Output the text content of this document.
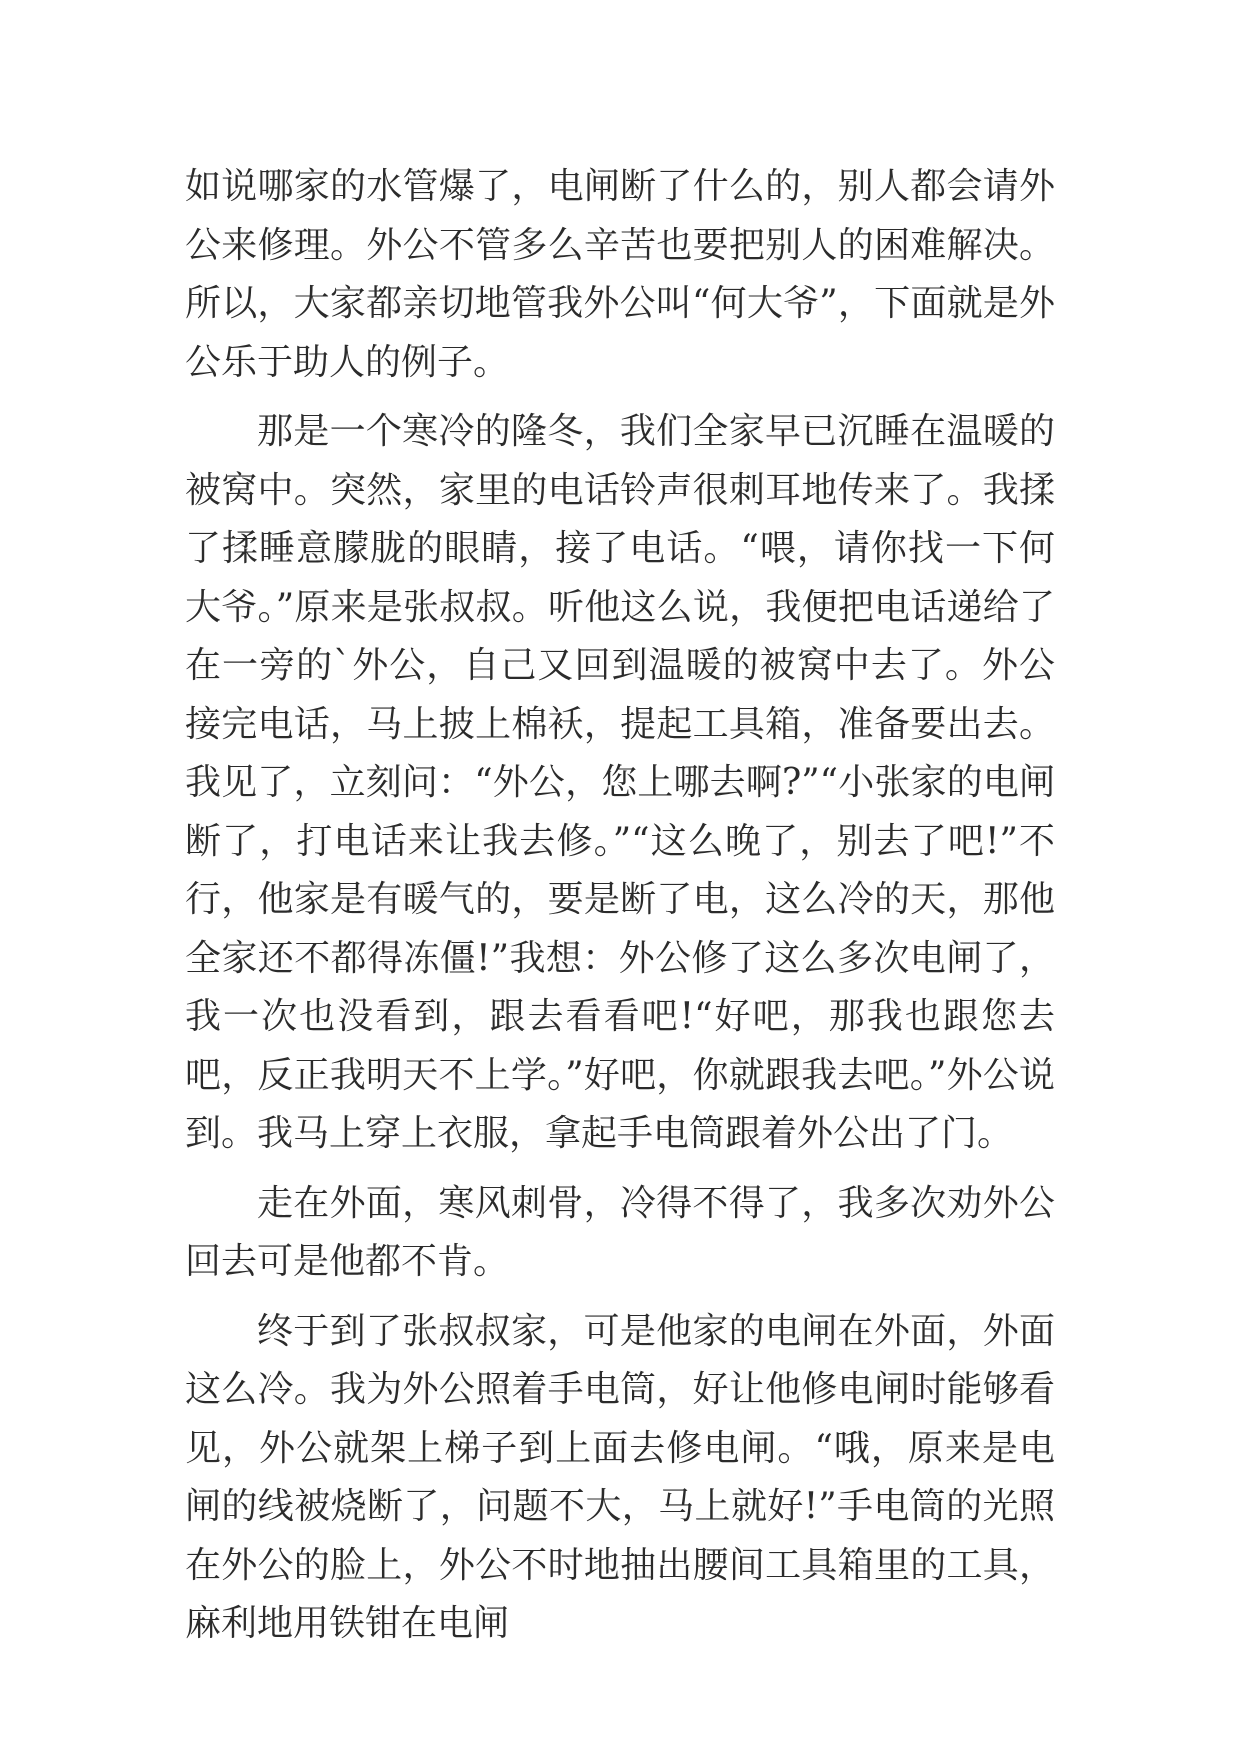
如说哪家的水管爆了，电闸断了什么的，别人都会请外公来修理。外公不管多么辛苦也要把别人的困难解决。所以，大家都亲切地管我外公叫“何大爷”，下面就是外公乐于助人的例子。

那是一个寒冷的隆冬，我们全家早已沉睡在温暖的被窝中。突然，家里的电话铃声很刺耳地传来了。我揉了揉睡意朦胧的眼睛，接了电话。“喂，请你找一下何大爷。”原来是张叔叔。听他这么说，我便把电话递给了在一旁的`外公，自己又回到温暖的被窝中去了。外公接完电话，马上披上棉袄，提起工具箱，准备要出去。我见了，立刻问：“外公，您上哪去啊?”“小张家的电闸断了，打电话来让我去修。”“这么晚了，别去了吧!”不行，他家是有暖气的，要是断了电，这么冷的天，那他全家还不都得冻僵!”我想：外公修了这么多次电闸了，我一次也没看到，跟去看看吧!“好吧，那我也跟您去吧，反正我明天不上学。”好吧，你就跟我去吧。”外公说到。我马上穿上衣服，拿起手电筒跟着外公出了门。

走在外面，寒风刺骨，冷得不得了，我多次劝外公回去可是他都不肯。

终于到了张叔叔家，可是他家的电闸在外面，外面这么冷。我为外公照着手电筒，好让他修电闸时能够看见，外公就架上梯子到上面去修电闸。“哦，原来是电闸的线被烧断了，问题不大，马上就好!”手电筒的光照在外公的脸上，外公不时地抽出腰间工具箱里的工具，麻利地用铁钳在电闸
